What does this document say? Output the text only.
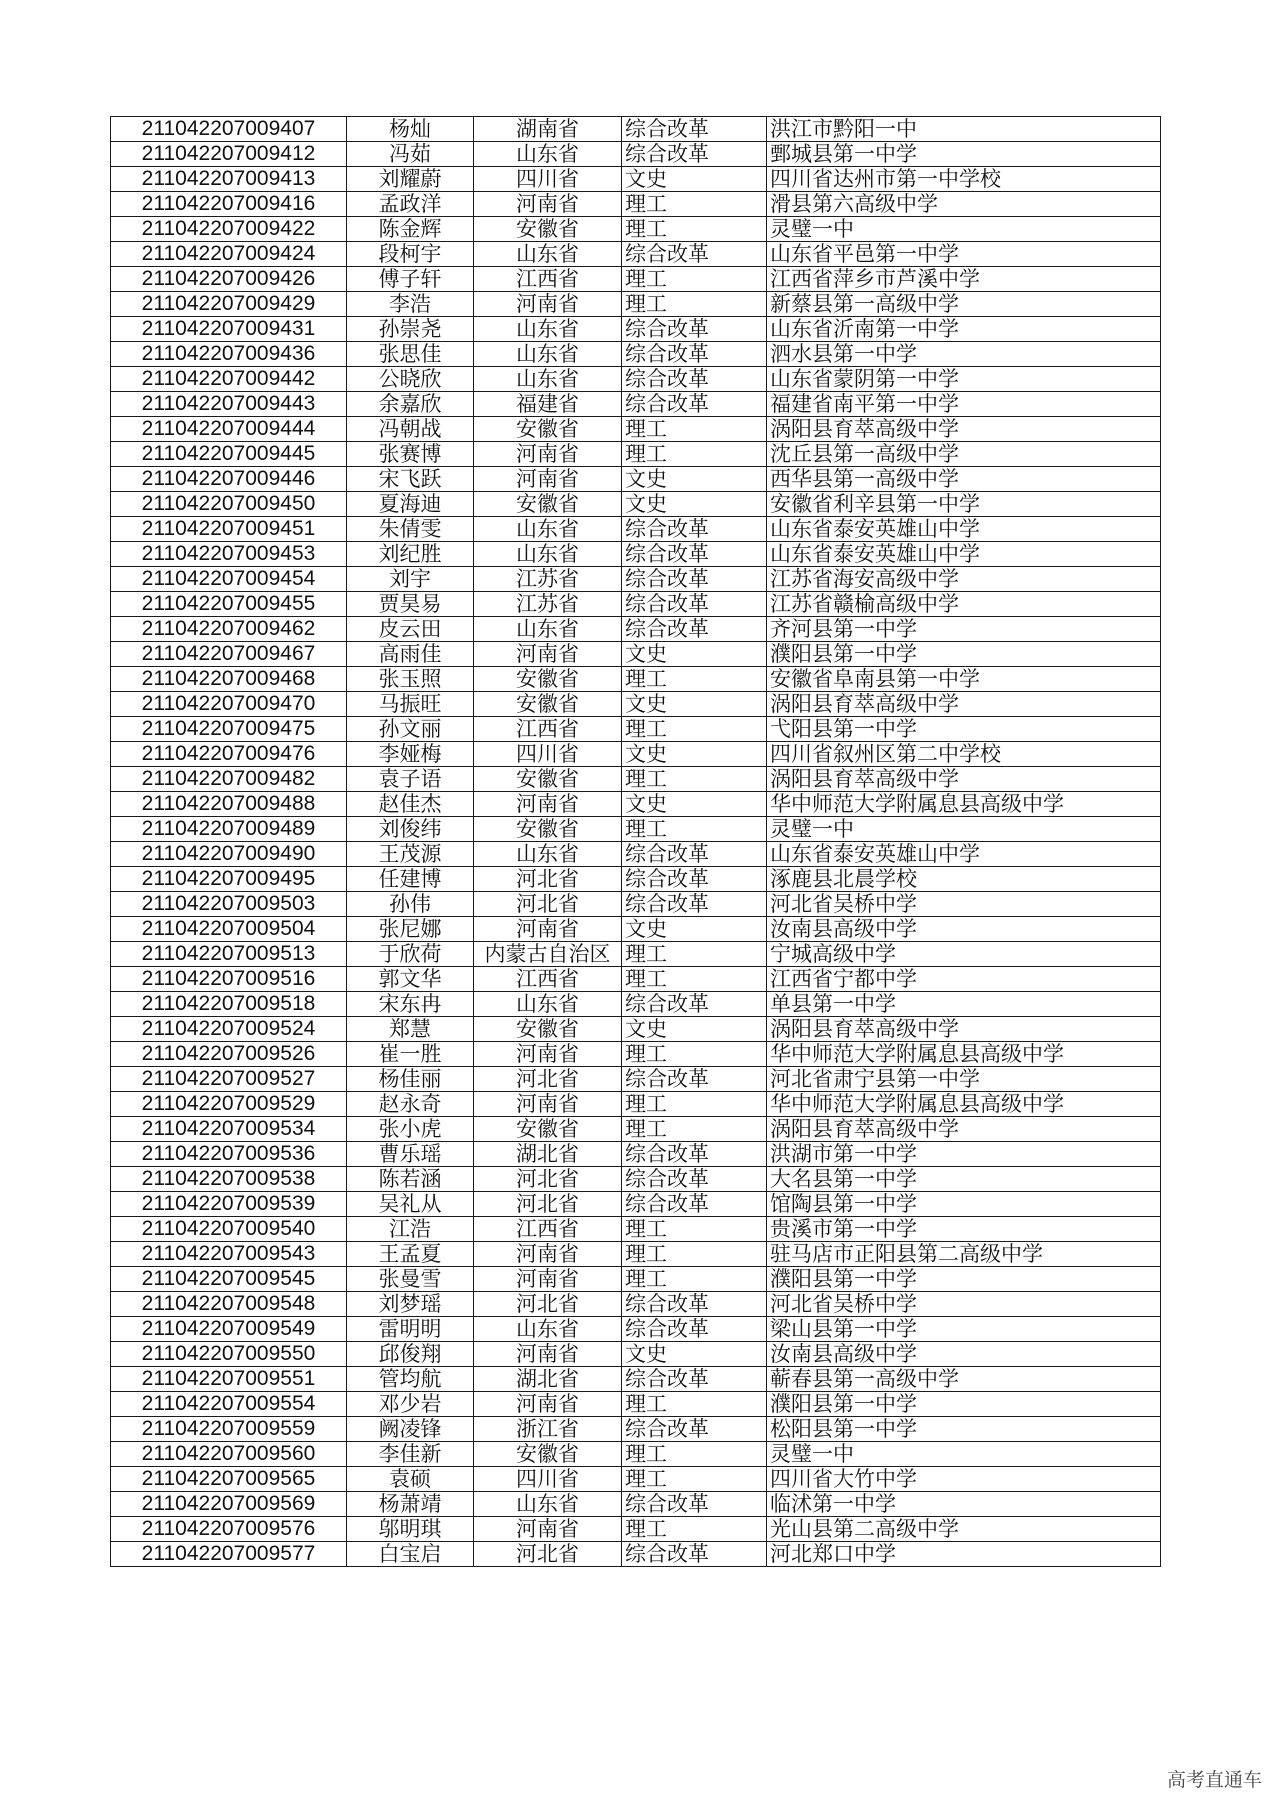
211042207009407	杨灿	湖南省	综合改革	洪江市黔阳一中
211042207009412	冯茹	山东省	综合改革	鄄城县第一中学
211042207009413	刘耀蔚	四川省	文史	四川省达州市第一中学校
211042207009416	孟政洋	河南省	理工	滑县第六高级中学
211042207009422	陈金辉	安徽省	理工	灵璧一中
211042207009424	段柯宇	山东省	综合改革	山东省平邑第一中学
211042207009426	傅子轩	江西省	理工	江西省萍乡市芦溪中学
211042207009429	李浩	河南省	理工	新蔡县第一高级中学
211042207009431	孙崇尧	山东省	综合改革	山东省沂南第一中学
211042207009436	张思佳	山东省	综合改革	泗水县第一中学
211042207009442	公晓欣	山东省	综合改革	山东省蒙阴第一中学
211042207009443	余嘉欣	福建省	综合改革	福建省南平第一中学
211042207009444	冯朝战	安徽省	理工	涡阳县育萃高级中学
211042207009445	张赛博	河南省	理工	沈丘县第一高级中学
211042207009446	宋飞跃	河南省	文史	西华县第一高级中学
211042207009450	夏海迪	安徽省	文史	安徽省利辛县第一中学
211042207009451	朱倩雯	山东省	综合改革	山东省泰安英雄山中学
211042207009453	刘纪胜	山东省	综合改革	山东省泰安英雄山中学
211042207009454	刘宇	江苏省	综合改革	江苏省海安高级中学
211042207009455	贾昊易	江苏省	综合改革	江苏省赣榆高级中学
211042207009462	皮云田	山东省	综合改革	齐河县第一中学
211042207009467	高雨佳	河南省	文史	濮阳县第一中学
211042207009468	张玉照	安徽省	理工	安徽省阜南县第一中学
211042207009470	马振旺	安徽省	文史	涡阳县育萃高级中学
211042207009475	孙文丽	江西省	理工	弋阳县第一中学
211042207009476	李娅梅	四川省	文史	四川省叙州区第二中学校
211042207009482	袁子语	安徽省	理工	涡阳县育萃高级中学
211042207009488	赵佳杰	河南省	文史	华中师范大学附属息县高级中学
211042207009489	刘俊纬	安徽省	理工	灵璧一中
211042207009490	王茂源	山东省	综合改革	山东省泰安英雄山中学
211042207009495	任建博	河北省	综合改革	涿鹿县北晨学校
211042207009503	孙伟	河北省	综合改革	河北省吴桥中学
211042207009504	张尼娜	河南省	文史	汝南县高级中学
211042207009513	于欣荷	内蒙古自治区	理工	宁城高级中学
211042207009516	郭文华	江西省	理工	江西省宁都中学
211042207009518	宋东冉	山东省	综合改革	单县第一中学
211042207009524	郑慧	安徽省	文史	涡阳县育萃高级中学
211042207009526	崔一胜	河南省	理工	华中师范大学附属息县高级中学
211042207009527	杨佳丽	河北省	综合改革	河北省肃宁县第一中学
211042207009529	赵永奇	河南省	理工	华中师范大学附属息县高级中学
211042207009534	张小虎	安徽省	理工	涡阳县育萃高级中学
211042207009536	曹乐瑶	湖北省	综合改革	洪湖市第一中学
211042207009538	陈若涵	河北省	综合改革	大名县第一中学
211042207009539	吴礼从	河北省	综合改革	馆陶县第一中学
211042207009540	江浩	江西省	理工	贵溪市第一中学
211042207009543	王孟夏	河南省	理工	驻马店市正阳县第二高级中学
211042207009545	张曼雪	河南省	理工	濮阳县第一中学
211042207009548	刘梦瑶	河北省	综合改革	河北省吴桥中学
211042207009549	雷明明	山东省	综合改革	梁山县第一中学
211042207009550	邱俊翔	河南省	文史	汝南县高级中学
211042207009551	管均航	湖北省	综合改革	蕲春县第一高级中学
211042207009554	邓少岩	河南省	理工	濮阳县第一中学
211042207009559	阙凌锋	浙江省	综合改革	松阳县第一中学
211042207009560	李佳新	安徽省	理工	灵璧一中
211042207009565	袁硕	四川省	理工	四川省大竹中学
211042207009569	杨萧靖	山东省	综合改革	临沭第一中学
211042207009576	邬明琪	河南省	理工	光山县第二高级中学
211042207009577	白宝启	河北省	综合改革	河北郑口中学
高考直通车
